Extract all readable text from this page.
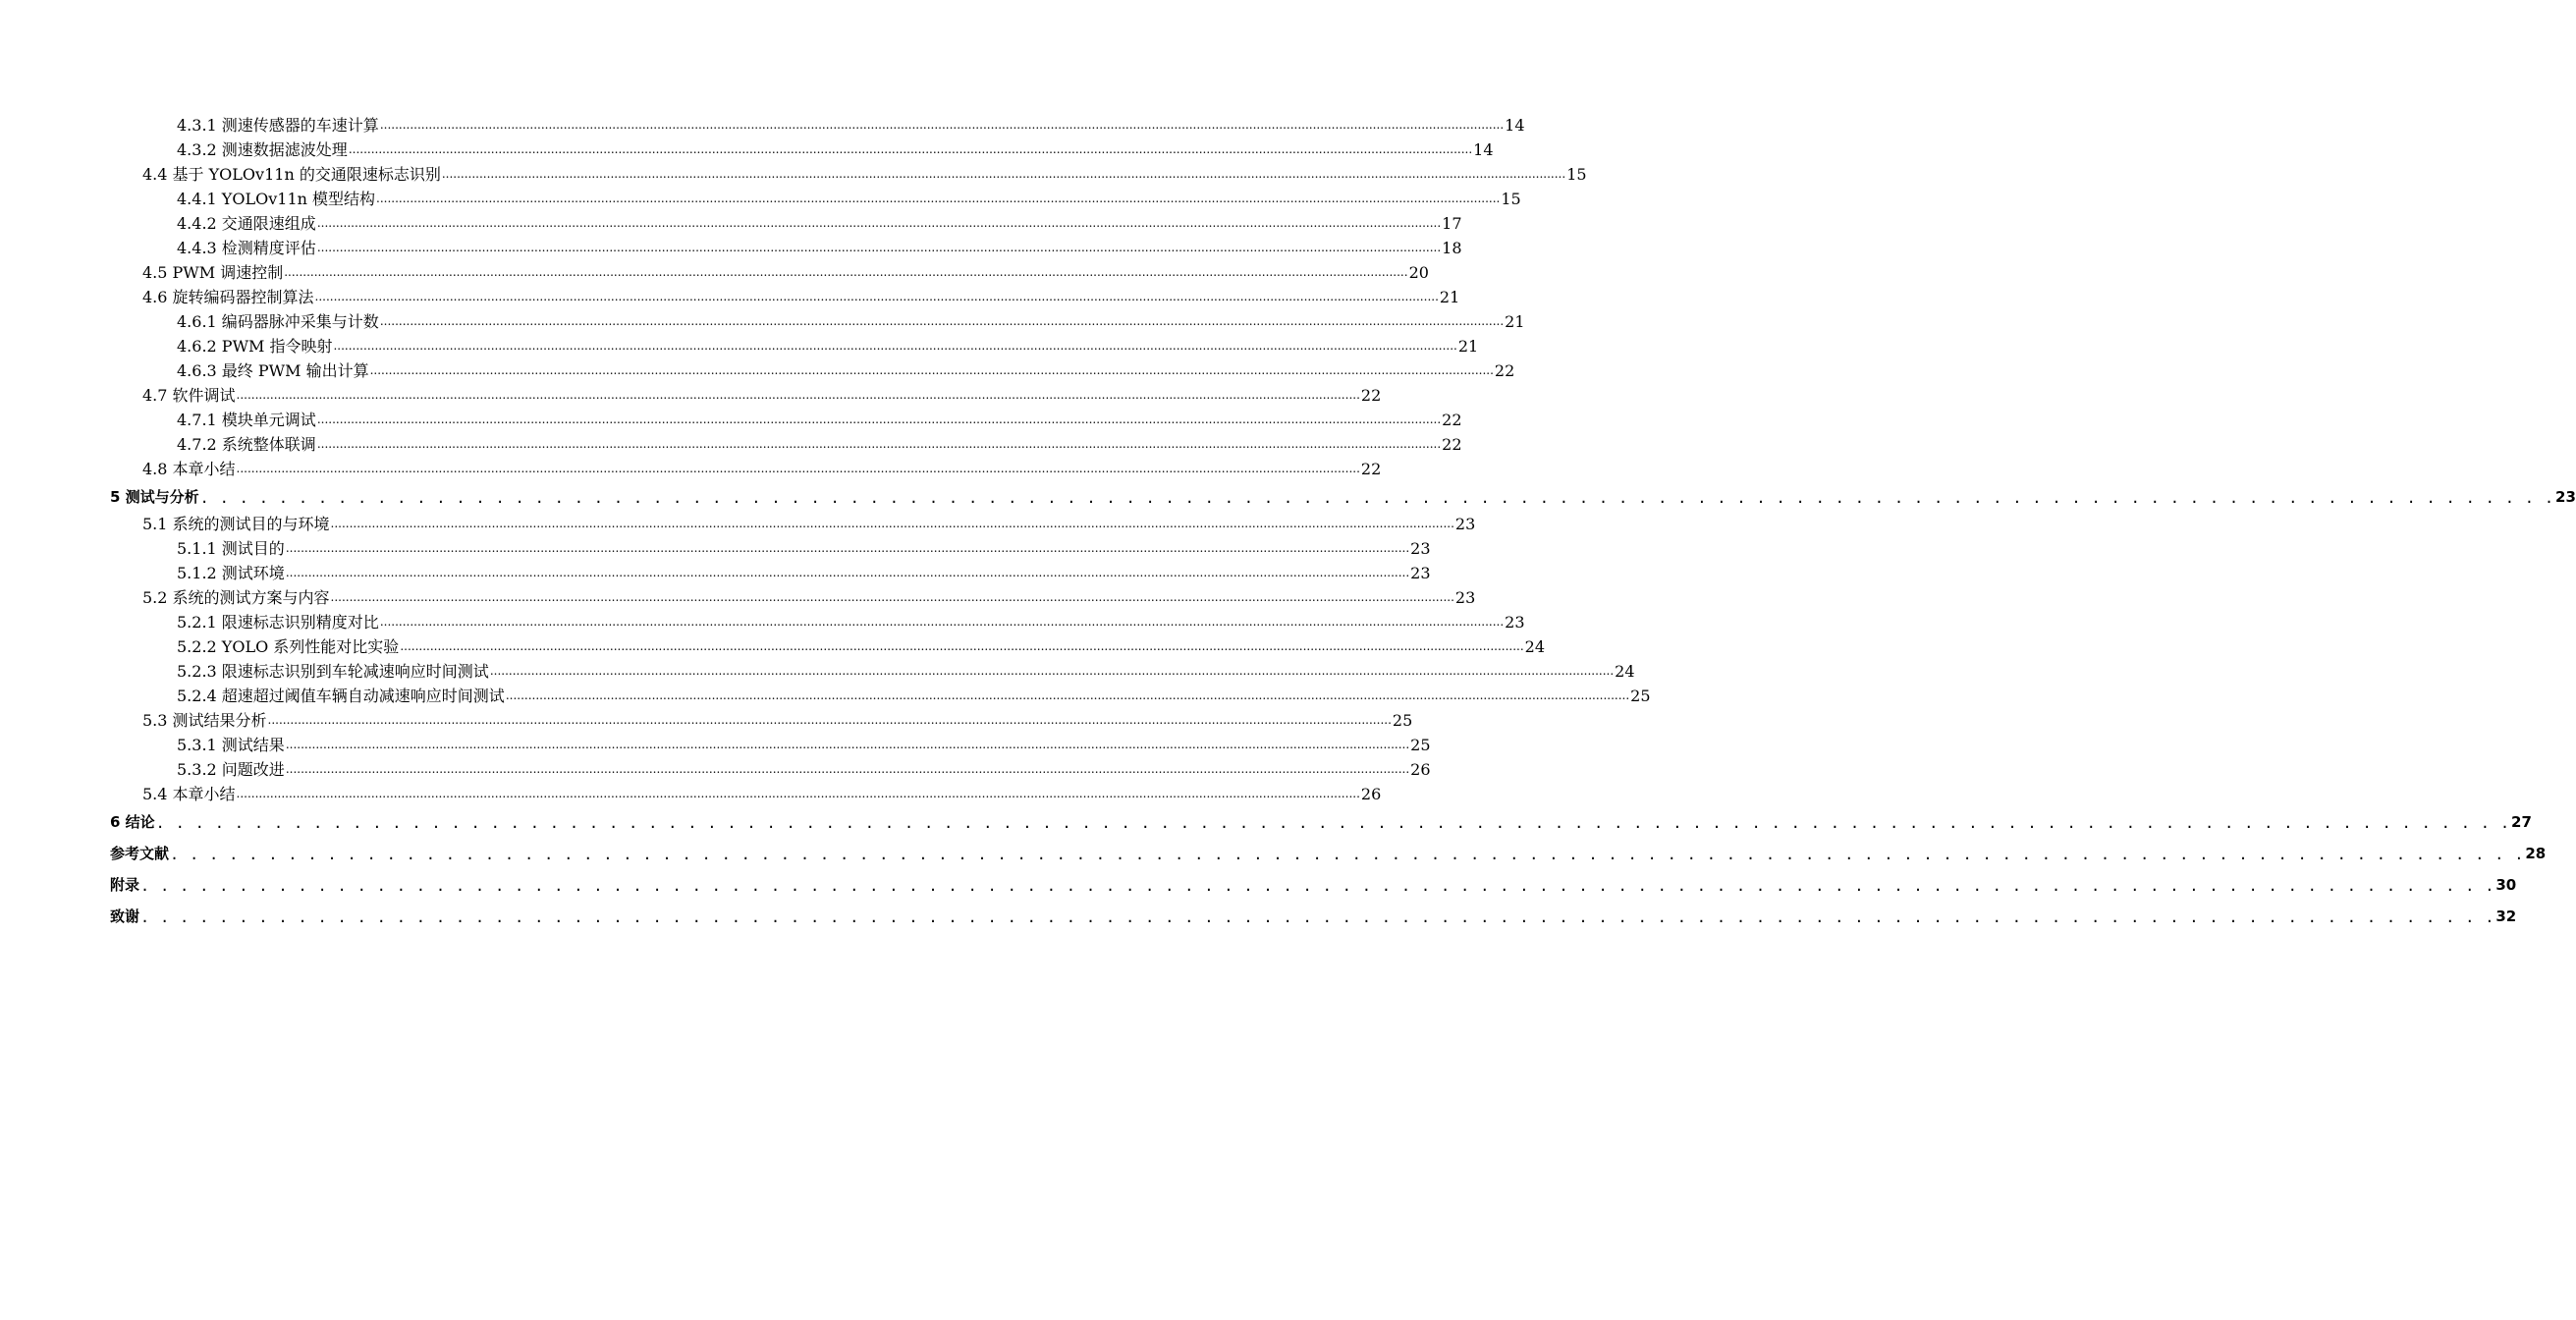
4.3.1 测速传感器的车速计算 ............................................................................................................................................................................................................................................................................................................ 14
4.3.2 测速数据滤波处理 ............................................................................................................................................................................................................................................................................................................ 14
4.4 基于 YOLOv11n 的交通限速标志识别 ............................................................................................................................................................................................................................................................................................................ 15
4.4.1 YOLOv11n 模型结构 ............................................................................................................................................................................................................................................................................................................ 15
4.4.2 交通限速组成 ............................................................................................................................................................................................................................................................................................................ 17
4.4.3 检测精度评估 ............................................................................................................................................................................................................................................................................................................ 18
4.5 PWM 调速控制 ............................................................................................................................................................................................................................................................................................................ 20
4.6 旋转编码器控制算法 ............................................................................................................................................................................................................................................................................................................ 21
4.6.1 编码器脉冲采集与计数 ............................................................................................................................................................................................................................................................................................................ 21
4.6.2 PWM 指令映射 ............................................................................................................................................................................................................................................................................................................ 21
4.6.3 最终 PWM 输出计算 ............................................................................................................................................................................................................................................................................................................ 22
4.7 软件调试 ............................................................................................................................................................................................................................................................................................................ 22
4.7.1 模块单元调试 ............................................................................................................................................................................................................................................................................................................ 22
4.7.2 系统整体联调 ............................................................................................................................................................................................................................................................................................................ 22
4.8 本章小结 ............................................................................................................................................................................................................................................................................................................ 22
5 测试与分析 . . . . . . . . . . . . . . . . . . . . . . . . . . . . . . . . . . . . . . . . . . . . . . . . . . . . . . . . . . . . . . . . . . . . . . . . . . . . . . . . . . . . . . . . . . . . . . . . . . . . . . . . . . . . . . . . . . . . . . . . 23
5.1 系统的测试目的与环境 ............................................................................................................................................................................................................................................................................................................ 23
5.1.1 测试目的 ............................................................................................................................................................................................................................................................................................................ 23
5.1.2 测试环境 ............................................................................................................................................................................................................................................................................................................ 23
5.2 系统的测试方案与内容 ............................................................................................................................................................................................................................................................................................................ 23
5.2.1 限速标志识别精度对比 ............................................................................................................................................................................................................................................................................................................ 23
5.2.2 YOLO 系列性能对比实验 ............................................................................................................................................................................................................................................................................................................ 24
5.2.3 限速标志识别到车轮减速响应时间测试 ............................................................................................................................................................................................................................................................................................................ 24
5.2.4 超速超过阈值车辆自动减速响应时间测试 ............................................................................................................................................................................................................................................................................................................ 25
5.3 测试结果分析 ............................................................................................................................................................................................................................................................................................................ 25
5.3.1 测试结果 ............................................................................................................................................................................................................................................................................................................ 25
5.3.2 问题改进 ............................................................................................................................................................................................................................................................................................................ 26
5.4 本章小结 ............................................................................................................................................................................................................................................................................................................ 26
6 结论 . . . . . . . . . . . . . . . . . . . . . . . . . . . . . . . . . . . . . . . . . . . . . . . . . . . . . . . . . . . . . . . . . . . . . . . . . . . . . . . . . . . . . . . . . . . . . . . . . . . . . . . . . . . . . . . . . . . . . . . . 27
参考文献 . . . . . . . . . . . . . . . . . . . . . . . . . . . . . . . . . . . . . . . . . . . . . . . . . . . . . . . . . . . . . . . . . . . . . . . . . . . . . . . . . . . . . . . . . . . . . . . . . . . . . . . . . . . . . . . . . . . . . . . . 28
附录 . . . . . . . . . . . . . . . . . . . . . . . . . . . . . . . . . . . . . . . . . . . . . . . . . . . . . . . . . . . . . . . . . . . . . . . . . . . . . . . . . . . . . . . . . . . . . . . . . . . . . . . . . . . . . . . . . . . . . . . . 30
致谢 . . . . . . . . . . . . . . . . . . . . . . . . . . . . . . . . . . . . . . . . . . . . . . . . . . . . . . . . . . . . . . . . . . . . . . . . . . . . . . . . . . . . . . . . . . . . . . . . . . . . . . . . . . . . . . . . . . . . . . . . 32
